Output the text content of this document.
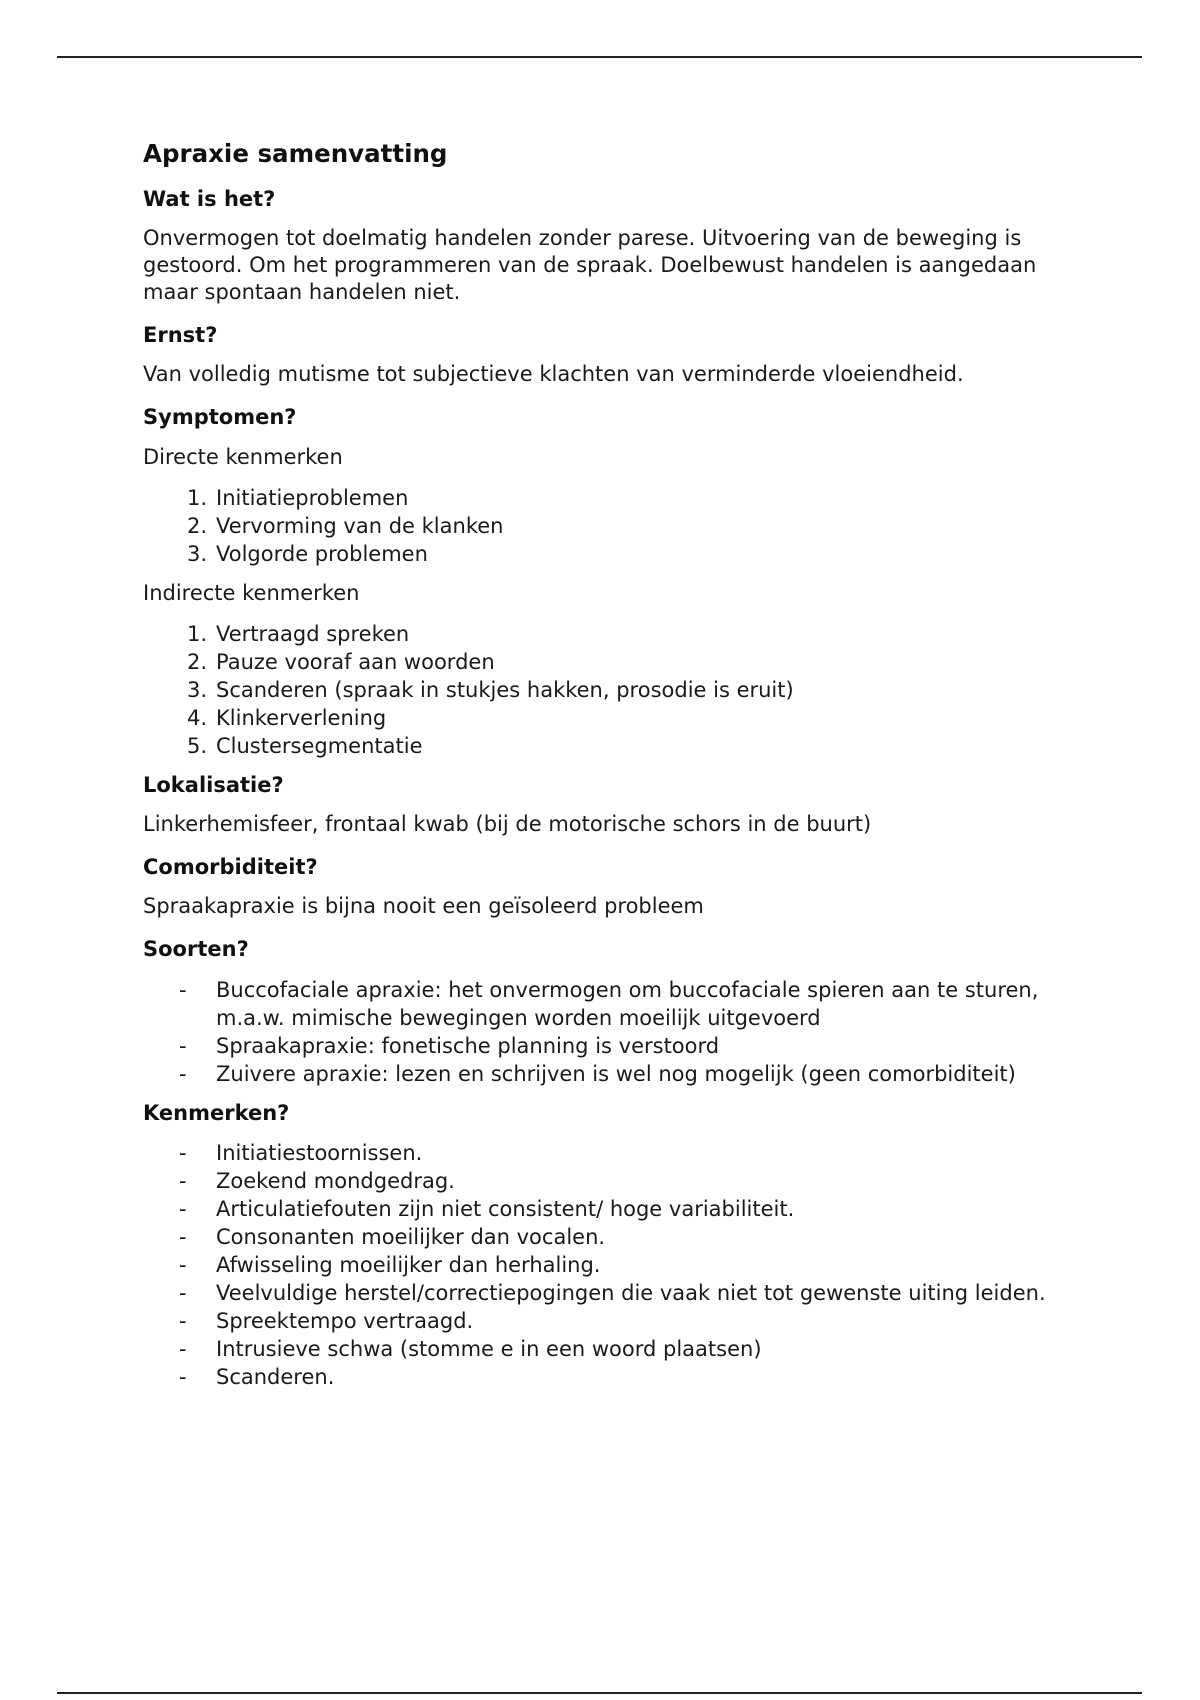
Apraxie samenvatting
Wat is het?

Onvermogen tot doelmatig handelen zonder parese. Uitvoering van de beweging is gestoord. Om het programmeren van de spraak. Doelbewust handelen is aangedaan maar spontaan handelen niet.

Ernst?

Van volledig mutisme tot subjectieve klachten van verminderde vloeiendheid.

Symptomen?

Directe kenmerken

1. Initiatieproblemen
2. Vervorming van de klanken
3. Volgorde problemen

Indirecte kenmerken

1. Vertraagd spreken
2. Pauze vooraf aan woorden
3. Scanderen (spraak in stukjes hakken, prosodie is eruit)
4. Klinkerverlening
5. Clustersegmentatie
Lokalisatie?

Linkerhemisfeer, frontaal kwab (bij de motorische schors in de buurt)

Comorbiditeit?

Spraakapraxie is bijna nooit een geïsoleerd probleem

Soorten?
- Buccofaciale apraxie: het onvermogen om buccofaciale spieren aan te sturen, m.a.w. mimische bewegingen worden moeilijk uitgevoerd
- Spraakapraxie: fonetische planning is verstoord
- Zuivere apraxie: lezen en schrijven is wel nog mogelijk (geen comorbiditeit)
Kenmerken?
- Initiatiestoornissen.
- Zoekend mondgedrag.
- Articulatiefouten zijn niet consistent/ hoge variabiliteit.
- Consonanten moeilijker dan vocalen.
- Afwisseling moeilijker dan herhaling.
- Veelvuldige herstel/correctiepogingen die vaak niet tot gewenste uiting leiden.
- Spreektempo vertraagd.
- Intrusieve schwa (stomme e in een woord plaatsen)
- Scanderen.
